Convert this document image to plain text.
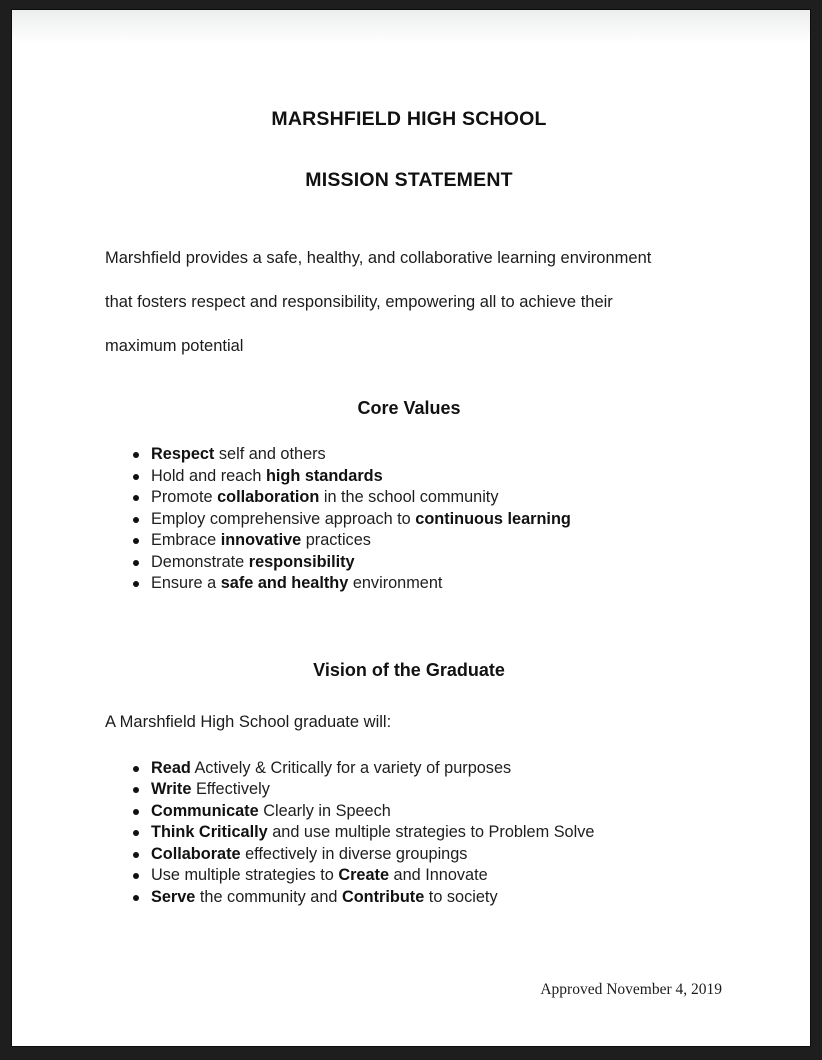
MARSHFIELD HIGH SCHOOL
MISSION STATEMENT

Marshfield provides a safe, healthy, and collaborative learning environment

that fosters respect and responsibility, empowering all to achieve their

maximum potential

Core Values
Respect self and others
Hold and reach high standards
Promote collaboration in the school community
Employ comprehensive approach to continuous learning
Embrace innovative practices
Demonstrate responsibility
Ensure a safe and healthy environment
Vision of the Graduate

A Marshfield High School graduate will:

Read Actively & Critically for a variety of purposes
Write Effectively
Communicate Clearly in Speech
Think Critically and use multiple strategies to Problem Solve
Collaborate effectively in diverse groupings
Use multiple strategies to Create and Innovate
Serve the community and Contribute to society

Approved November 4, 2019
